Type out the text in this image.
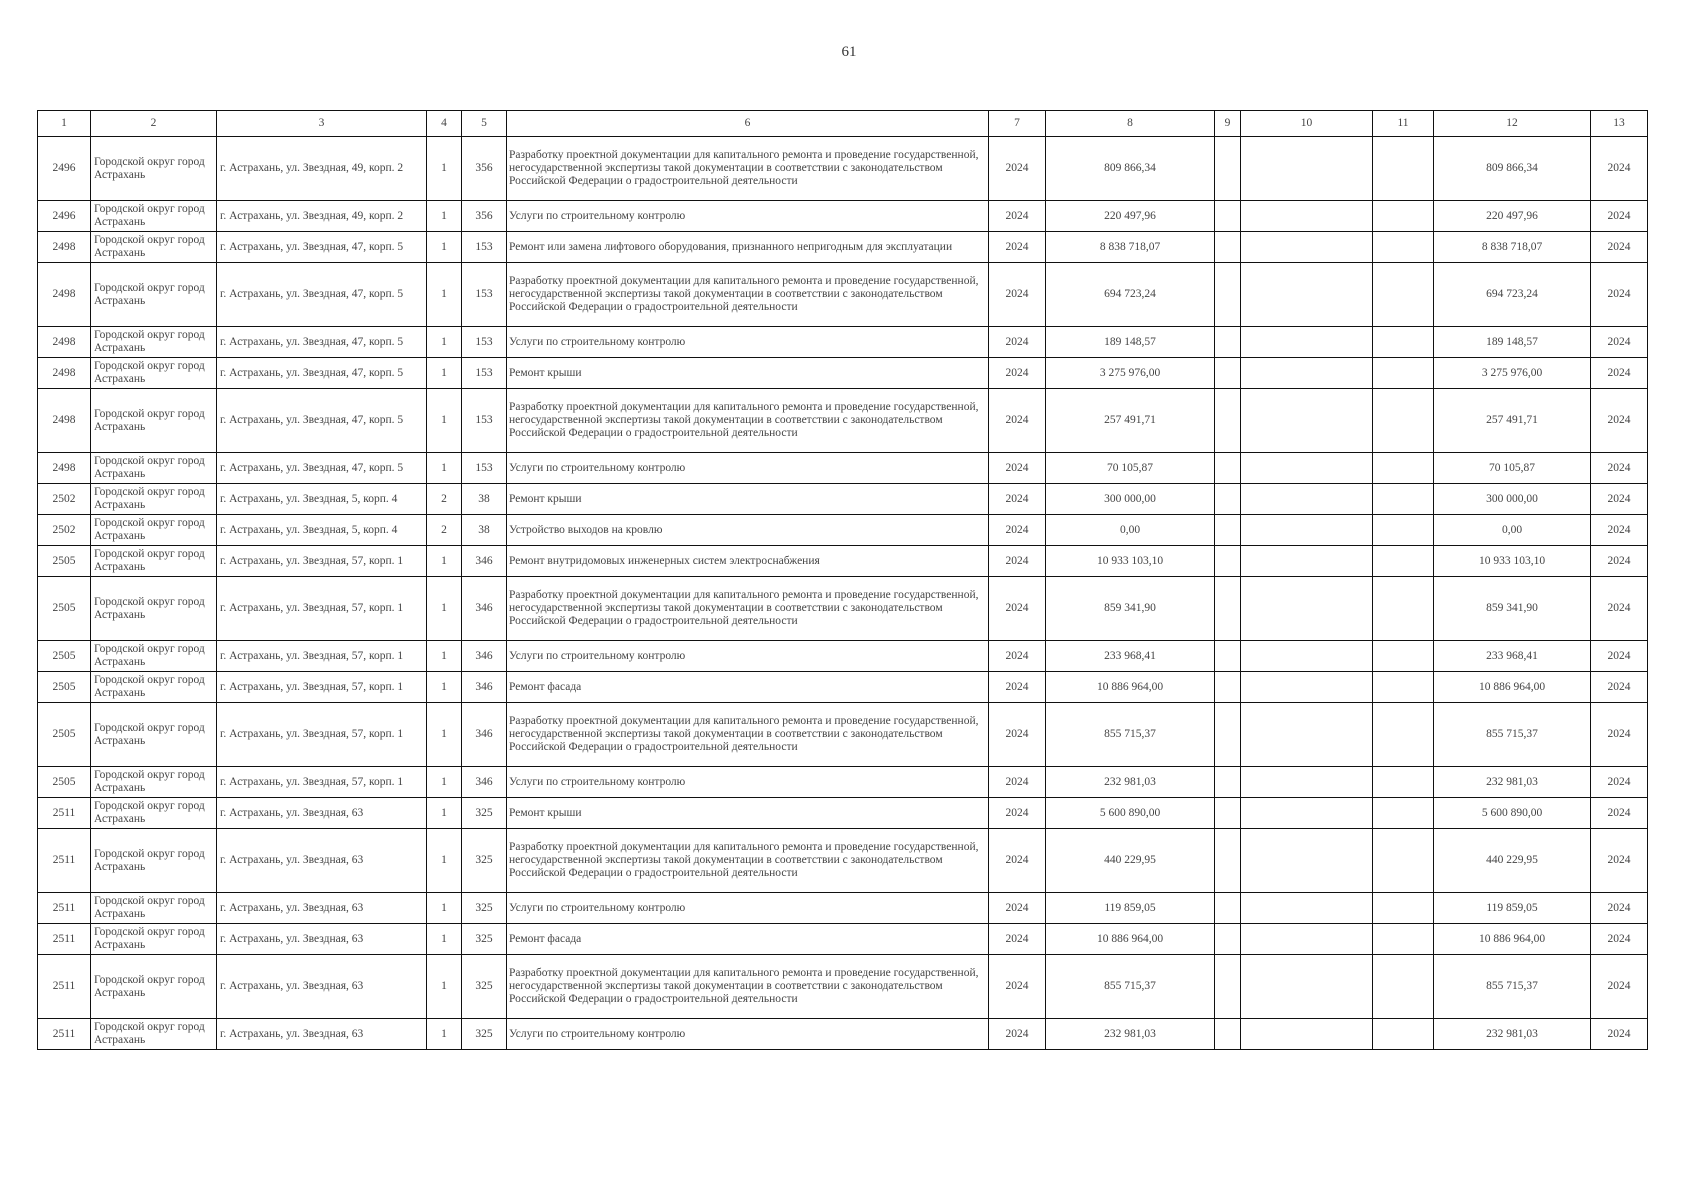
61
1	2	3	4	5	6	7	8	9	10	11	12	13
2496	Городской округ город Астрахань	г. Астрахань, ул. Звездная, 49, корп. 2	1	356	Разработку проектной документации для капитального ремонта и проведение государственной, негосударственной экспертизы такой документации в соответствии с законодательством Российской Федерации о градостроительной деятельности	2024	809 866,34				809 866,34	2024
2496	Городской округ город Астрахань	г. Астрахань, ул. Звездная, 49, корп. 2	1	356	Услуги по строительному контролю	2024	220 497,96				220 497,96	2024
2498	Городской округ город Астрахань	г. Астрахань, ул. Звездная, 47, корп. 5	1	153	Ремонт или замена лифтового оборудования, признанного непригодным для эксплуатации	2024	8 838 718,07				8 838 718,07	2024
2498	Городской округ город Астрахань	г. Астрахань, ул. Звездная, 47, корп. 5	1	153	Разработку проектной документации для капитального ремонта и проведение государственной, негосударственной экспертизы такой документации в соответствии с законодательством Российской Федерации о градостроительной деятельности	2024	694 723,24				694 723,24	2024
2498	Городской округ город Астрахань	г. Астрахань, ул. Звездная, 47, корп. 5	1	153	Услуги по строительному контролю	2024	189 148,57				189 148,57	2024
2498	Городской округ город Астрахань	г. Астрахань, ул. Звездная, 47, корп. 5	1	153	Ремонт крыши	2024	3 275 976,00				3 275 976,00	2024
2498	Городской округ город Астрахань	г. Астрахань, ул. Звездная, 47, корп. 5	1	153	Разработку проектной документации для капитального ремонта и проведение государственной, негосударственной экспертизы такой документации в соответствии с законодательством Российской Федерации о градостроительной деятельности	2024	257 491,71				257 491,71	2024
2498	Городской округ город Астрахань	г. Астрахань, ул. Звездная, 47, корп. 5	1	153	Услуги по строительному контролю	2024	70 105,87				70 105,87	2024
2502	Городской округ город Астрахань	г. Астрахань, ул. Звездная, 5, корп. 4	2	38	Ремонт крыши	2024	300 000,00				300 000,00	2024
2502	Городской округ город Астрахань	г. Астрахань, ул. Звездная, 5, корп. 4	2	38	Устройство выходов на кровлю	2024	0,00				0,00	2024
2505	Городской округ город Астрахань	г. Астрахань, ул. Звездная, 57, корп. 1	1	346	Ремонт внутридомовых инженерных систем электроснабжения	2024	10 933 103,10				10 933 103,10	2024
2505	Городской округ город Астрахань	г. Астрахань, ул. Звездная, 57, корп. 1	1	346	Разработку проектной документации для капитального ремонта и проведение государственной, негосударственной экспертизы такой документации в соответствии с законодательством Российской Федерации о градостроительной деятельности	2024	859 341,90				859 341,90	2024
2505	Городской округ город Астрахань	г. Астрахань, ул. Звездная, 57, корп. 1	1	346	Услуги по строительному контролю	2024	233 968,41				233 968,41	2024
2505	Городской округ город Астрахань	г. Астрахань, ул. Звездная, 57, корп. 1	1	346	Ремонт фасада	2024	10 886 964,00				10 886 964,00	2024
2505	Городской округ город Астрахань	г. Астрахань, ул. Звездная, 57, корп. 1	1	346	Разработку проектной документации для капитального ремонта и проведение государственной, негосударственной экспертизы такой документации в соответствии с законодательством Российской Федерации о градостроительной деятельности	2024	855 715,37				855 715,37	2024
2505	Городской округ город Астрахань	г. Астрахань, ул. Звездная, 57, корп. 1	1	346	Услуги по строительному контролю	2024	232 981,03				232 981,03	2024
2511	Городской округ город Астрахань	г. Астрахань, ул. Звездная, 63	1	325	Ремонт крыши	2024	5 600 890,00				5 600 890,00	2024
2511	Городской округ город Астрахань	г. Астрахань, ул. Звездная, 63	1	325	Разработку проектной документации для капитального ремонта и проведение государственной, негосударственной экспертизы такой документации в соответствии с законодательством Российской Федерации о градостроительной деятельности	2024	440 229,95				440 229,95	2024
2511	Городской округ город Астрахань	г. Астрахань, ул. Звездная, 63	1	325	Услуги по строительному контролю	2024	119 859,05				119 859,05	2024
2511	Городской округ город Астрахань	г. Астрахань, ул. Звездная, 63	1	325	Ремонт фасада	2024	10 886 964,00				10 886 964,00	2024
2511	Городской округ город Астрахань	г. Астрахань, ул. Звездная, 63	1	325	Разработку проектной документации для капитального ремонта и проведение государственной, негосударственной экспертизы такой документации в соответствии с законодательством Российской Федерации о градостроительной деятельности	2024	855 715,37				855 715,37	2024
2511	Городской округ город Астрахань	г. Астрахань, ул. Звездная, 63	1	325	Услуги по строительному контролю	2024	232 981,03				232 981,03	2024
